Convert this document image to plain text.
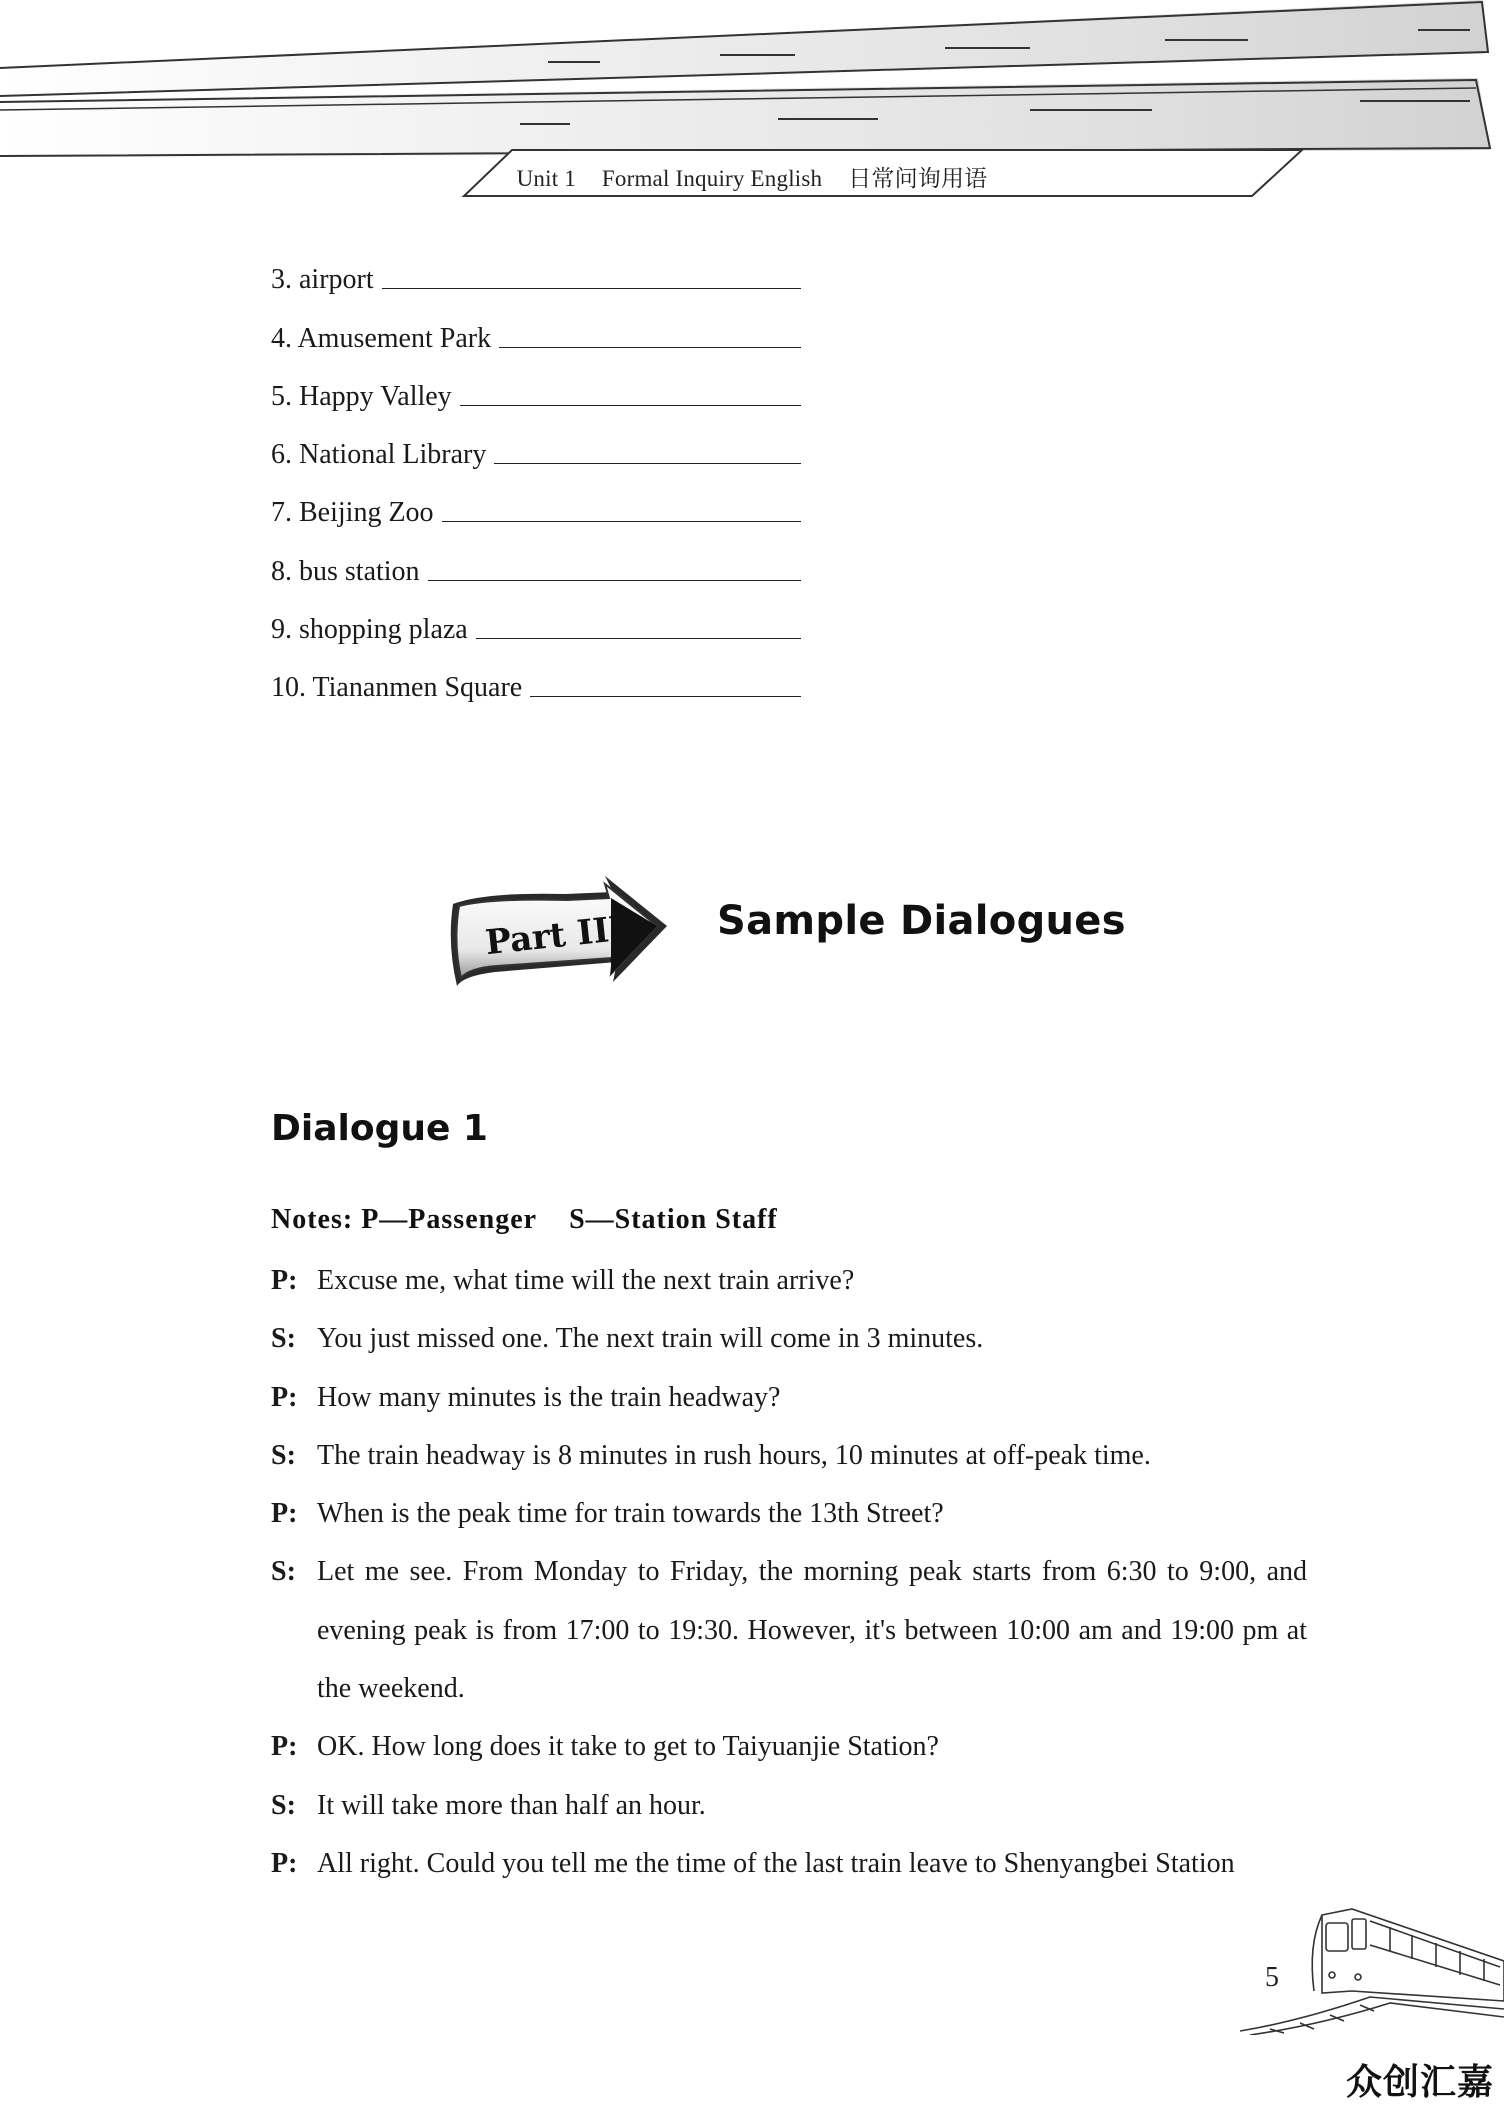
Unit 1 Formal Inquiry English 日常问询用语
3. airport
4. Amusement Park
5. Happy Valley
6. National Library
7. Beijing Zoo
8. bus station
9. shopping plaza
10. Tiananmen Square
Part III Sample Dialogues
Dialogue 1
Notes: P—Passenger S—Station Staff
P: Excuse me, what time will the next train arrive?
S: You just missed one. The next train will come in 3 minutes.
P: How many minutes is the train headway?
S: The train headway is 8 minutes in rush hours, 10 minutes at off-peak time.
P: When is the peak time for train towards the 13th Street?
S: Let me see. From Monday to Friday, the morning peak starts from 6:30 to 9:00, and evening peak is from 17:00 to 19:30. However, it's between 10:00 am and 19:00 pm at the weekend.
P: OK. How long does it take to get to Taiyuanjie Station?
S: It will take more than half an hour.
P: All right. Could you tell me the time of the last train leave to Shenyangbei Station
5
众创汇嘉
